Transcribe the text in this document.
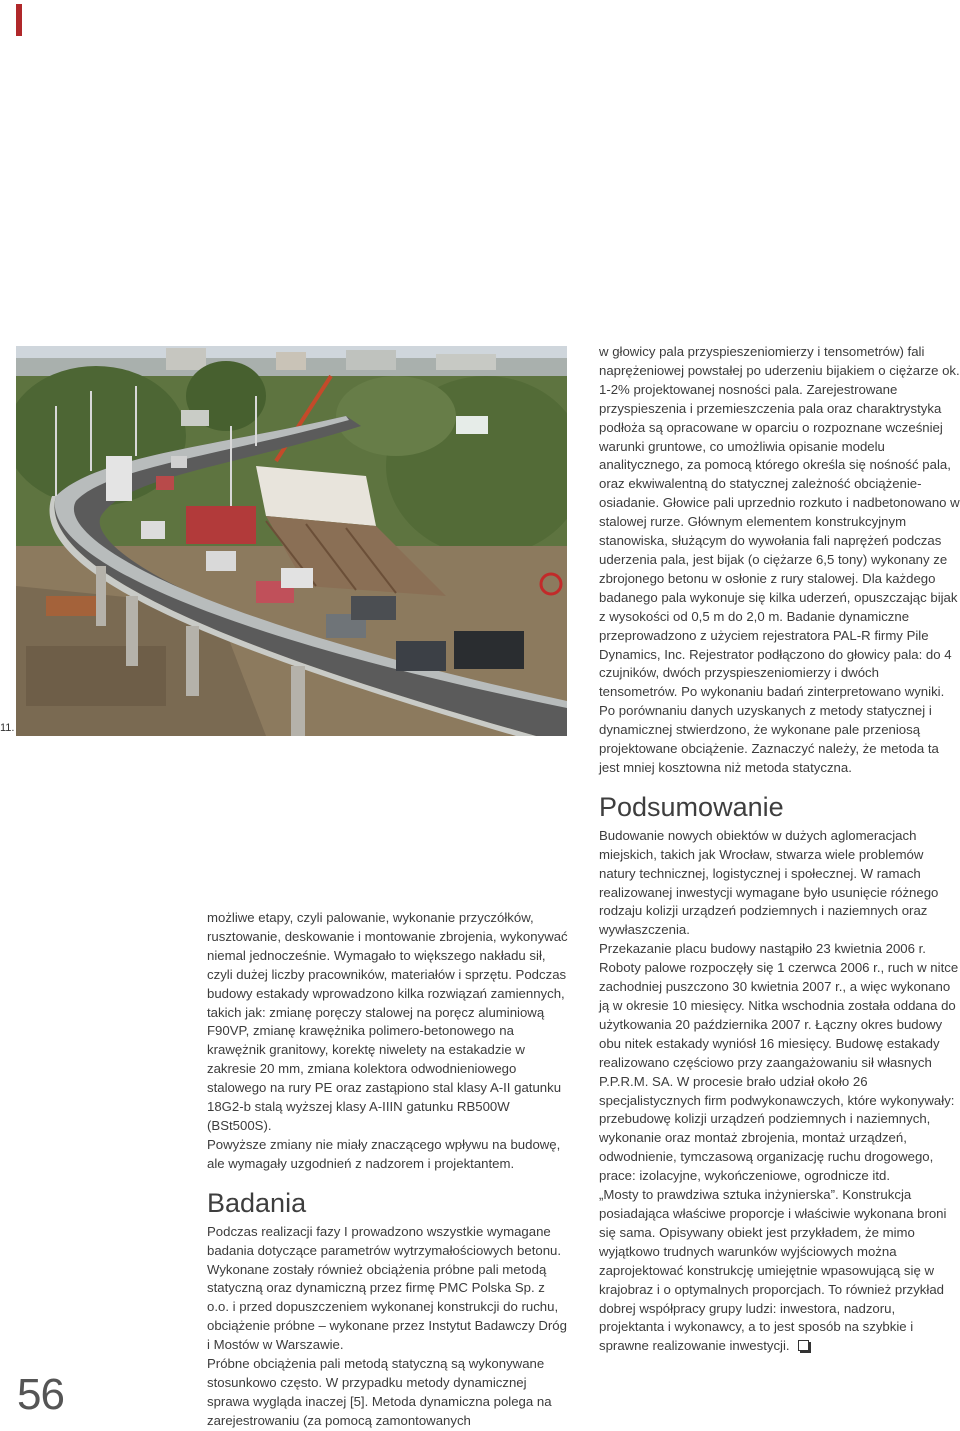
11.

możliwe etapy, czyli palowanie, wykonanie przyczółków, rusztowanie, deskowanie i montowanie zbrojenia, wykonywać niemal jednocześnie. Wymagało to większego nakładu sił, czyli dużej liczby pracowników, materiałów i sprzętu. Podczas budowy estakady wprowadzono kilka rozwiązań zamiennych, takich jak: zmianę poręczy stalowej na poręcz aluminiową F90VP, zmianę krawężnika polimero-betonowego na krawężnik granitowy, korektę niwelety na estakadzie w zakresie 20 mm, zmiana kolektora odwodnieniowego stalowego na rury PE oraz zastąpiono stal klasy A-II gatunku 18G2-b stalą wyższej klasy A-IIIN gatunku RB500W (BSt500S).

Powyższe zmiany nie miały znaczącego wpływu na budowę, ale wymagały uzgodnień z nadzorem i projektantem.

Badania

Podczas realizacji fazy I prowadzono wszystkie wymagane badania dotyczące parametrów wytrzymałościowych betonu. Wykonane zostały również obciążenia próbne pali metodą statyczną oraz dynamiczną przez firmę PMC Polska Sp. z o.o. i przed dopuszczeniem wykonanej konstrukcji do ruchu, obciążenie próbne – wykonane przez Instytut Badawczy Dróg i Mostów w Warszawie.

Próbne obciążenia pali metodą statyczną są wykonywane stosunkowo często. W przypadku metody dynamicznej sprawa wygląda inaczej [5]. Metoda dynamiczna polega na zarejestrowaniu (za pomocą zamontowanych

w głowicy pala przyspieszeniomierzy i tensometrów) fali naprężeniowej powstałej po uderzeniu bijakiem o ciężarze ok. 1-2% projektowanej nosności pala. Zarejestrowane przyspieszenia i przemieszczenia pala oraz charaktrystyka podłoża są opracowane w oparciu o rozpoznane wcześniej warunki gruntowe, co umożliwia opisanie modelu analitycznego, za pomocą którego określa się nośność pala, oraz ekwiwalentną do statycznej zależność obciążenie-osiadanie. Głowice pali uprzednio rozkuto i nadbetonowano w stalowej rurze. Głównym elementem konstrukcyjnym stanowiska, służącym do wywołania fali naprężeń podczas uderzenia pala, jest bijak (o ciężarze 6,5 tony) wykonany ze zbrojonego betonu w osłonie z rury stalowej. Dla każdego badanego pala wykonuje się kilka uderzeń, opuszczając bijak z wysokości od 0,5 m do 2,0 m. Badanie dynamiczne przeprowadzono z użyciem rejestratora PAL-R firmy Pile Dynamics, Inc. Rejestrator podłączono do głowicy pala: do 4 czujników, dwóch przyspieszeniomierzy i dwóch tensometrów. Po wykonaniu badań zinterpretowano wyniki. Po porównaniu danych uzyskanych z metody statycznej i dynamicznej stwierdzono, że wykonane pale przeniosą projektowane obciążenie. Zaznaczyć należy, że metoda ta jest mniej kosztowna niż metoda statyczna.

Podsumowanie

Budowanie nowych obiektów w dużych aglomeracjach miejskich, takich jak Wrocław, stwarza wiele problemów natury technicznej, logistycznej i społecznej. W ramach realizowanej inwestycji wymagane było usunięcie różnego rodzaju kolizji urządzeń podziemnych i naziemnych oraz wywłaszczenia.

Przekazanie placu budowy nastąpiło 23 kwietnia 2006 r. Roboty palowe rozpoczęły się 1 czerwca 2006 r., ruch w nitce zachodniej puszczono 30 kwietnia 2007 r., a więc wykonano ją w okresie 10 miesięcy. Nitka wschodnia została oddana do użytkowania 20 października 2007 r. Łączny okres budowy obu nitek estakady wyniósł 16 miesięcy. Budowę estakady realizowano częściowo przy zaangażowaniu sił własnych P.P.R.M. SA. W procesie brało udział około 26 specjalistycznych firm podwykonawczych, które wykonywały: przebudowę kolizji urządzeń podziemnych i naziemnych, wykonanie oraz montaż zbrojenia, montaż urządzeń, odwodnienie, tymczasową organizację ruchu drogowego, prace: izolacyjne, wykończeniowe, ogrodnicze itd.

„Mosty to prawdziwa sztuka inżynierska”. Konstrukcja posiadająca właściwe proporcje i właściwie wykonana broni się sama. Opisywany obiekt jest przykładem, że mimo wyjątkowo trudnych warunków wyjściowych można zaprojektować konstrukcję umiejętnie wpasowującą się w krajobraz i o optymalnych proporcjach. To również przykład dobrej współpracy grupy ludzi: inwestora, nadzoru, projektanta i wykonawcy, a to jest sposób na szybkie i sprawne realizowanie inwestycji.

56
